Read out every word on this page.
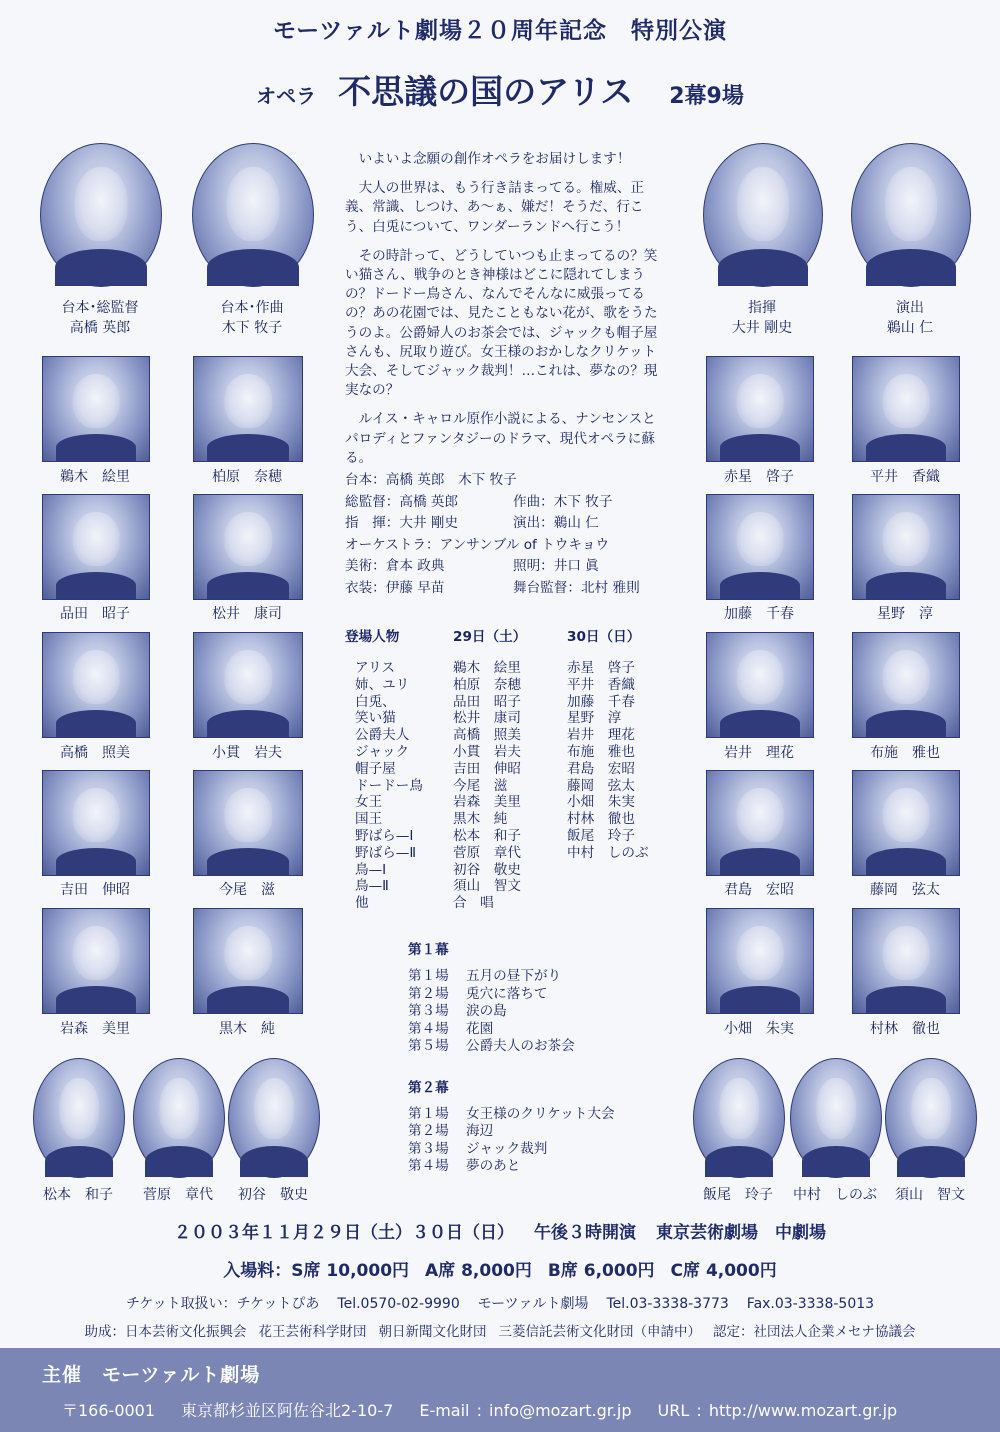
モーツァルト劇場２０周年記念　特別公演
オペラ 不思議の国のアリス 2幕9場
台本･総監督
高橋 英郎
台本･作曲
木下 牧子
指揮
大井 剛史
演出
鵜山 仁
鵜木　絵里	柏原　奈穂	赤星　啓子	平井　香織
品田　昭子	松井　康司	加藤　千春	星野　淳
高橋　照美	小貫　岩夫	岩井　理花	布施　雅也
吉田　伸昭	今尾　滋	君島　宏昭	藤岡　弦太
岩森　美里	黒木　純	小畑　朱実	村林　徹也
松本　和子	菅原　章代	初谷　敬史	飯尾　玲子	中村　しのぶ	須山　智文

いよいよ念願の創作オペラをお届けします！

大人の世界は、もう行き詰まってる。権威、正義、常識、しつけ、あ〜ぁ、嫌だ！そうだ、行こう、白兎について、ワンダーランドへ行こう！

その時計って、どうしていつも止まってるの？笑い猫さん、戦争のとき神様はどこに隠れてしまうの？ドードー鳥さん、なんでそんなに威張ってるの？あの花園では、見たこともない花が、歌をうたうのよ。公爵婦人のお茶会では、ジャックも帽子屋さんも、尻取り遊び。女王様のおかしなクリケット大会、そしてジャック裁判！…これは、夢なの？現実なの？

ルイス・キャロル原作小説による、ナンセンスとパロディとファンタジーのドラマ、現代オペラに蘇る。

台本：高橋 英郎　木下 牧子
総監督：高橋 英郎	作曲：木下 牧子
指　揮：大井 剛史	演出：鵜山 仁
オーケストラ：アンサンブル of トウキョウ
美術：倉本 政典	照明：井口 眞
衣装：伊藤 早苗	舞台監督：北村 雅則
登場人物	29日（土）	30日（日）
アリス	鵜木　絵里	赤星　啓子
姉、ユリ	柏原　奈穂	平井　香織
白兎、	品田　昭子	加藤　千春
笑い猫	松井　康司	星野　淳
公爵夫人	高橋　照美	岩井　理花
ジャック	小貫　岩夫	布施　雅也
帽子屋	吉田　伸昭	君島　宏昭
ドードー鳥 今尾　滋	藤岡　弦太
女王	岩森　美里	小畑　朱実
国王	黒木　純	村林　徹也
野ばら—Ⅰ	松本　和子	飯尾　玲子
野ばら—Ⅱ	菅原　章代	中村　しのぶ
鳥—Ⅰ	初谷　敬史
鳥—Ⅱ	須山　智文
他	合　唱
第１幕
第１場 五月の昼下がり
第２場 兎穴に落ちて
第３場 涙の島
第４場 花園
第５場 公爵夫人のお茶会
第２幕
第１場 女王様のクリケット大会
第２場 海辺
第３場 ジャック裁判
第４場 夢のあと
２００３年１１月２９日（土）３０日（日） 午後３時開演 東京芸術劇場　中劇場
入場料：S席 10,000円 A席 8,000円 B席 6,000円 C席 4,000円
チケット取扱い：チケットぴあ Tel.0570-02-9990 モーツァルト劇場 Tel.03-3338-3773 Fax.03-3338-5013
助成：日本芸術文化振興会 花王芸術科学財団 朝日新聞文化財団 三菱信託芸術文化財団（申請中） 認定：社団法人企業メセナ協議会
主催　モーツァルト劇場
〒166-0001 東京都杉並区阿佐谷北2-10-7 E-mail : info@mozart.gr.jp URL : http://www.mozart.gr.jp
